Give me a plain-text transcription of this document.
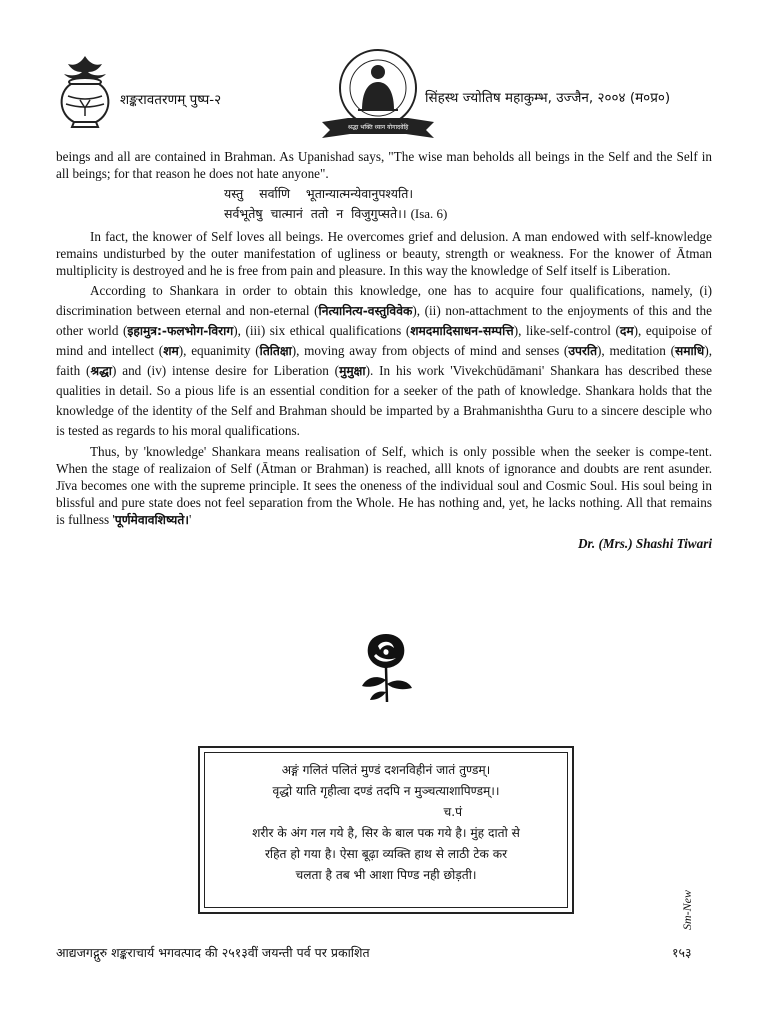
शङ्करावतरणम् पुष्प-२
श्रद्धा भक्ति ध्यान योगादवेहि
सिंहस्थ ज्योतिष महाकुम्भ, उज्जैन, २००४ (म०प्र०)

beings and all are contained in Brahman. As Upanishad says, "The wise man beholds all beings in the Self and the Self in all beings; for that reason he does not hate anyone".

यस्तु    सर्वाणि    भूतान्यात्मन्येवानुपश्यति।
सर्वभूतेषु  चात्मानं  ततो  न  विजुगुप्सते।। (Isa. 6)

In fact, the knower of Self loves all beings. He overcomes grief and delusion. A man endowed with self-knowledge remains undisturbed by the outer manifestation of ugliness or beauty, strength or weakness. For the knower of Ātman multiplicity is destroyed and he is free from pain and pleasure. In this way the knowledge of Self itself is Liberation.

According to Shankara in order to obtain this knowledge, one has to acquire four qualifications, namely, (i) discrimination between eternal and non-eternal (नित्यानित्य-वस्तुविवेक), (ii) non-attachment to the enjoyments of this and the other world (इहामुत्र:-फलभोग-विराग), (iii) six ethical qualifications (शमदमादिसाधन-सम्पत्ति), like-self-control (दम), equipoise of mind and intellect (शम), equanimity (तितिक्षा), moving away from objects of mind and senses (उपरति), meditation (समाधि), faith (श्रद्धा) and (iv) intense desire for Liberation (मुमुक्षा). In his work 'Vivekchūdāmani' Shankara has described these qualities in detail. So a pious life is an essential condition for a seeker of the path of knowledge. Shankara holds that the knowledge of the identity of the Self and Brahman should be imparted by a Brahmanishtha Guru to a sincere desciple who is tested as regards to his moral qualifications.

Thus, by 'knowledge' Shankara means realisation of Self, which is only possible when the seeker is compe-tent. When the stage of realizaion of Self (Ātman or Brahman) is reached, alll knots of ignorance and doubts are rent asunder. Jīva becomes one with the supreme principle. It sees the oneness of the individual soul and Cosmic Soul. His soul being in blissful and pure state does not feel separation from the Whole. He has nothing and, yet, he lacks nothing. All that remains is fullness 'पूर्णमेवावशिष्यते।'

Dr. (Mrs.) Shashi Tiwari
अङ्गं गलितं पलितं मुण्डं दशनविहीनं जातं तुण्डम्।
वृद्धो याति गृहीत्वा दण्डं तदपि न मुञ्चत्याशापिण्डम्।।
च.पं
शरीर के अंग गल गये है, सिर के बाल पक गये है। मुंह दातो से
रहित हो गया है। ऐसा बूढ़ा व्यक्ति हाथ से लाठी टेक कर
चलता है तब भी आशा पिण्ड नही छोड़ती।
Sm-New
आद्यजगद्गुरु शङ्कराचार्य भगवत्पाद की २५१३वीं जयन्ती पर्व पर प्रकाशित	१५३
